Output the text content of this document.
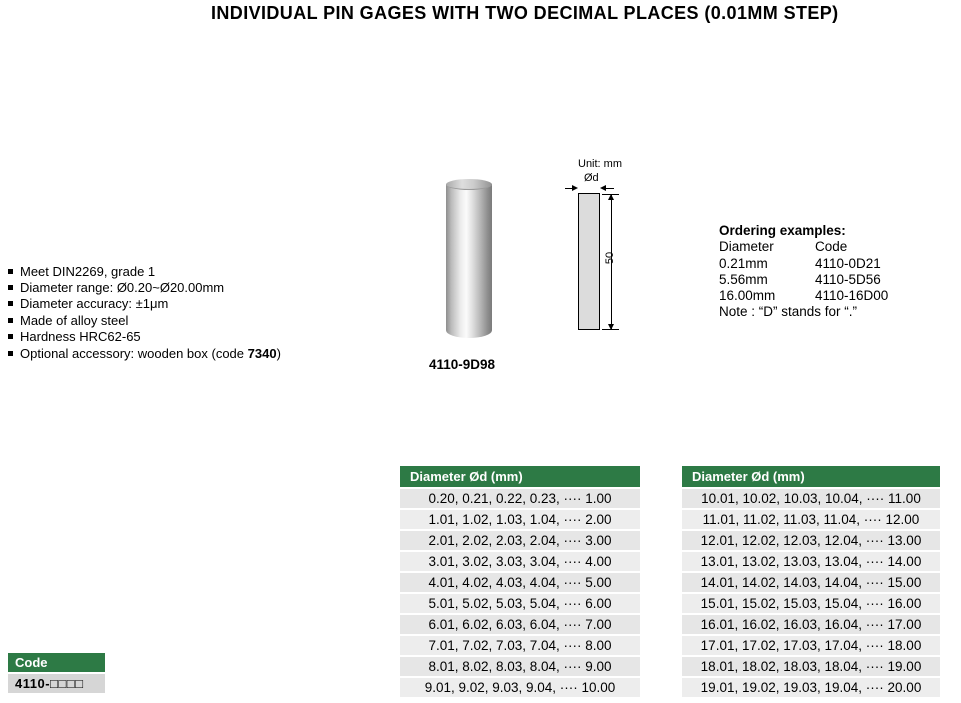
INDIVIDUAL PIN GAGES WITH TWO DECIMAL PLACES (0.01MM STEP)
Meet DIN2269, grade 1
Diameter range: Ø0.20~Ø20.00mm
Diameter accuracy: ±1μm
Made of alloy steel
Hardness HRC62-65
Optional accessory: wooden box (code 7340)
4110-9D98
Unit: mm
Ød
50
Ordering examples:
Diameter	Code
0.21mm	4110-0D21
5.56mm	4110-5D56
16.00mm	4110-16D00
Note : “D” stands for “.”
Diameter Ød (mm)
0.20, 0.21, 0.22, 0.23, ···· 1.00
1.01, 1.02, 1.03, 1.04, ···· 2.00
2.01, 2.02, 2.03, 2.04, ···· 3.00
3.01, 3.02, 3.03, 3.04, ···· 4.00
4.01, 4.02, 4.03, 4.04, ···· 5.00
5.01, 5.02, 5.03, 5.04, ···· 6.00
6.01, 6.02, 6.03, 6.04, ···· 7.00
7.01, 7.02, 7.03, 7.04, ···· 8.00
8.01, 8.02, 8.03, 8.04, ···· 9.00
9.01, 9.02, 9.03, 9.04, ···· 10.00
Diameter Ød (mm)
10.01, 10.02, 10.03, 10.04, ···· 11.00
11.01, 11.02, 11.03, 11.04, ···· 12.00
12.01, 12.02, 12.03, 12.04, ···· 13.00
13.01, 13.02, 13.03, 13.04, ···· 14.00
14.01, 14.02, 14.03, 14.04, ···· 15.00
15.01, 15.02, 15.03, 15.04, ···· 16.00
16.01, 16.02, 16.03, 16.04, ···· 17.00
17.01, 17.02, 17.03, 17.04, ···· 18.00
18.01, 18.02, 18.03, 18.04, ···· 19.00
19.01, 19.02, 19.03, 19.04, ···· 20.00
Code
4110-□□□□
